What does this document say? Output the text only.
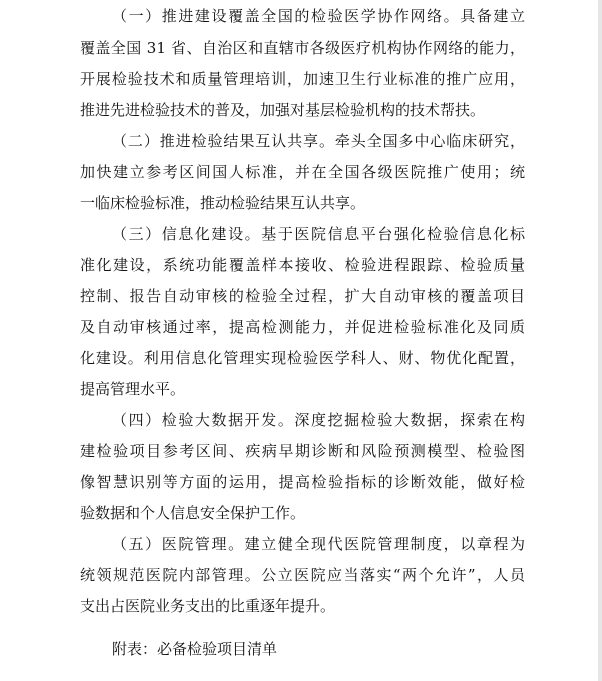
（一）推进建设覆盖全国的检验医学协作网络。具备建立

覆盖全国 31 省、自治区和直辖市各级医疗机构协作网络的能力，

开展检验技术和质量管理培训，加速卫生行业标准的推广应用，

推进先进检验技术的普及，加强对基层检验机构的技术帮扶。

（二）推进检验结果互认共享。牵头全国多中心临床研究，

加快建立参考区间国人标准，并在全国各级医院推广使用；统

一临床检验标准，推动检验结果互认共享。

（三）信息化建设。基于医院信息平台强化检验信息化标

准化建设，系统功能覆盖样本接收、检验进程跟踪、检验质量

控制、报告自动审核的检验全过程，扩大自动审核的覆盖项目

及自动审核通过率，提高检测能力，并促进检验标准化及同质

化建设。利用信息化管理实现检验医学科人、财、物优化配置，

提高管理水平。

（四）检验大数据开发。深度挖掘检验大数据，探索在构

建检验项目参考区间、疾病早期诊断和风险预测模型、检验图

像智慧识别等方面的运用，提高检验指标的诊断效能，做好检

验数据和个人信息安全保护工作。

（五）医院管理。建立健全现代医院管理制度，以章程为

统领规范医院内部管理。公立医院应当落实“两个允许”，人员

支出占医院业务支出的比重逐年提升。

附表：必备检验项目清单
